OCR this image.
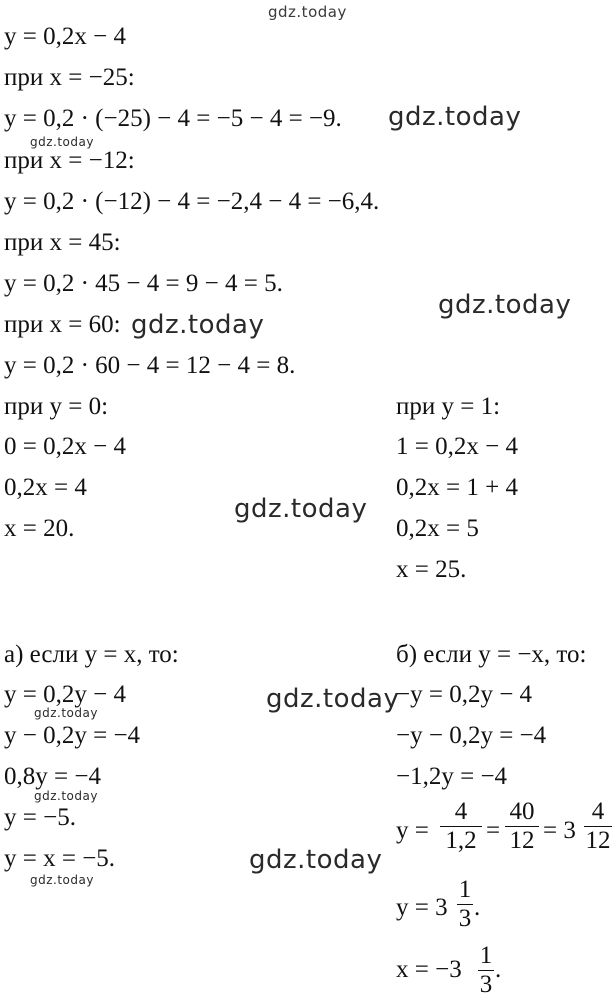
gdz.today
gdz.today
gdz.today
gdz.today
gdz.today
gdz.today
gdz.today
gdz.today
gdz.today
gdz.today
gdz.today
y = 0,2x − 4
при x = −25:
y = 0,2 · (−25) − 4 = −5 − 4 = −9.
при x = −12:
y = 0,2 · (−12) − 4 = −2,4 − 4 = −6,4.
при x = 45:
y = 0,2 · 45 − 4 = 9 − 4 = 5.
при x = 60:
y = 0,2 · 60 − 4 = 12 − 4 = 8.
при y = 0:
0 = 0,2x − 4
0,2x = 4
x = 20.
при y = 1:
1 = 0,2x − 4
0,2x = 1 + 4
0,2x = 5
x = 25.
а) если y = x, то:
y = 0,2y − 4
y − 0,2y = −4
0,8y = −4
y = −5.
y = x = −5.
б) если y = −x, то:
−y = 0,2y − 4
−y − 0,2y = −4
−1,2y = −4
$y = \frac{4}{1,2} = \frac{40}{12} = 3 \frac{4}{12}$
$y = 3 \frac{1}{3}$ .
$x = -3 \frac{1}{3}$ .
